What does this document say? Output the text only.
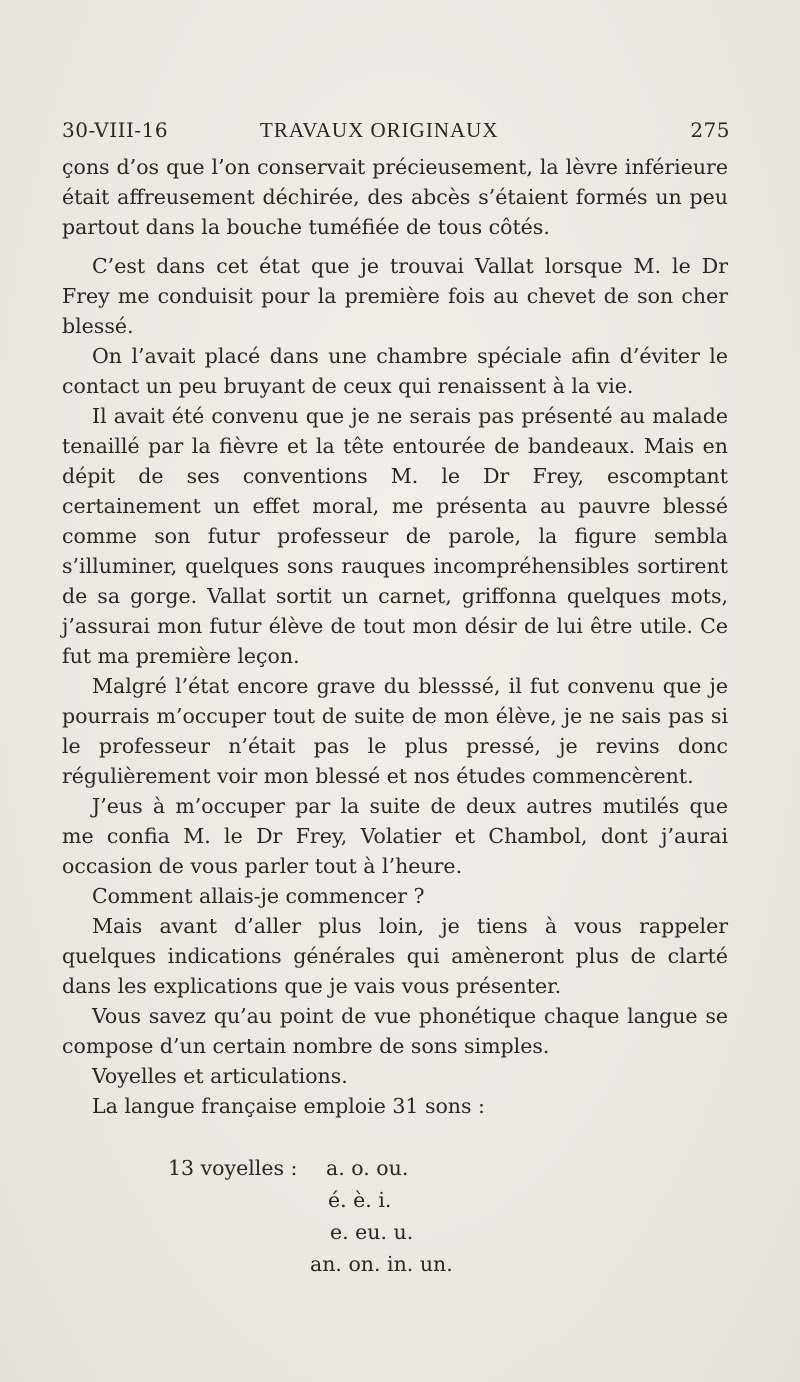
30-VIII-16	TRAVAUX ORIGINAUX	275

çons d’os que l’on conservait précieusement, la lèvre inférieure était affreusement déchirée, des abcès s’étaient formés un peu partout dans la bouche tuméfiée de tous côtés.

C’est dans cet état que je trouvai Vallat lorsque M. le Dr Frey me conduisit pour la première fois au chevet de son cher blessé.

On l’avait placé dans une chambre spéciale afin d’éviter le contact un peu bruyant de ceux qui renaissent à la vie.

Il avait été convenu que je ne serais pas présenté au malade tenaillé par la fièvre et la tête entourée de bandeaux. Mais en dépit de ses conventions M. le Dr Frey, escomptant certainement un effet moral, me présenta au pauvre blessé comme son futur professeur de parole, la figure sembla s’illuminer, quelques sons rauques incompréhensibles sortirent de sa gorge. Vallat sortit un carnet, griffonna quelques mots, j’assurai mon futur élève de tout mon désir de lui être utile. Ce fut ma première leçon.

Malgré l’état encore grave du blesssé, il fut convenu que je pourrais m’occuper tout de suite de mon élève, je ne sais pas si le professeur n’était pas le plus pressé, je revins donc régulièrement voir mon blessé et nos études commencèrent.

J’eus à m’occuper par la suite de deux autres mutilés que me confia M. le Dr Frey, Volatier et Chambol, dont j’aurai occasion de vous parler tout à l’heure.

Comment allais-je commencer ?

Mais avant d’aller plus loin, je tiens à vous rappeler quelques indications générales qui amèneront plus de clarté dans les explications que je vais vous présenter.

Vous savez qu’au point de vue phonétique chaque langue se compose d’un certain nombre de sons simples.

Voyelles et articulations.

La langue française emploie 31 sons :

13 voyelles : a. o. ou.
é. è. i.
e. eu. u.
an. on. in. un.
